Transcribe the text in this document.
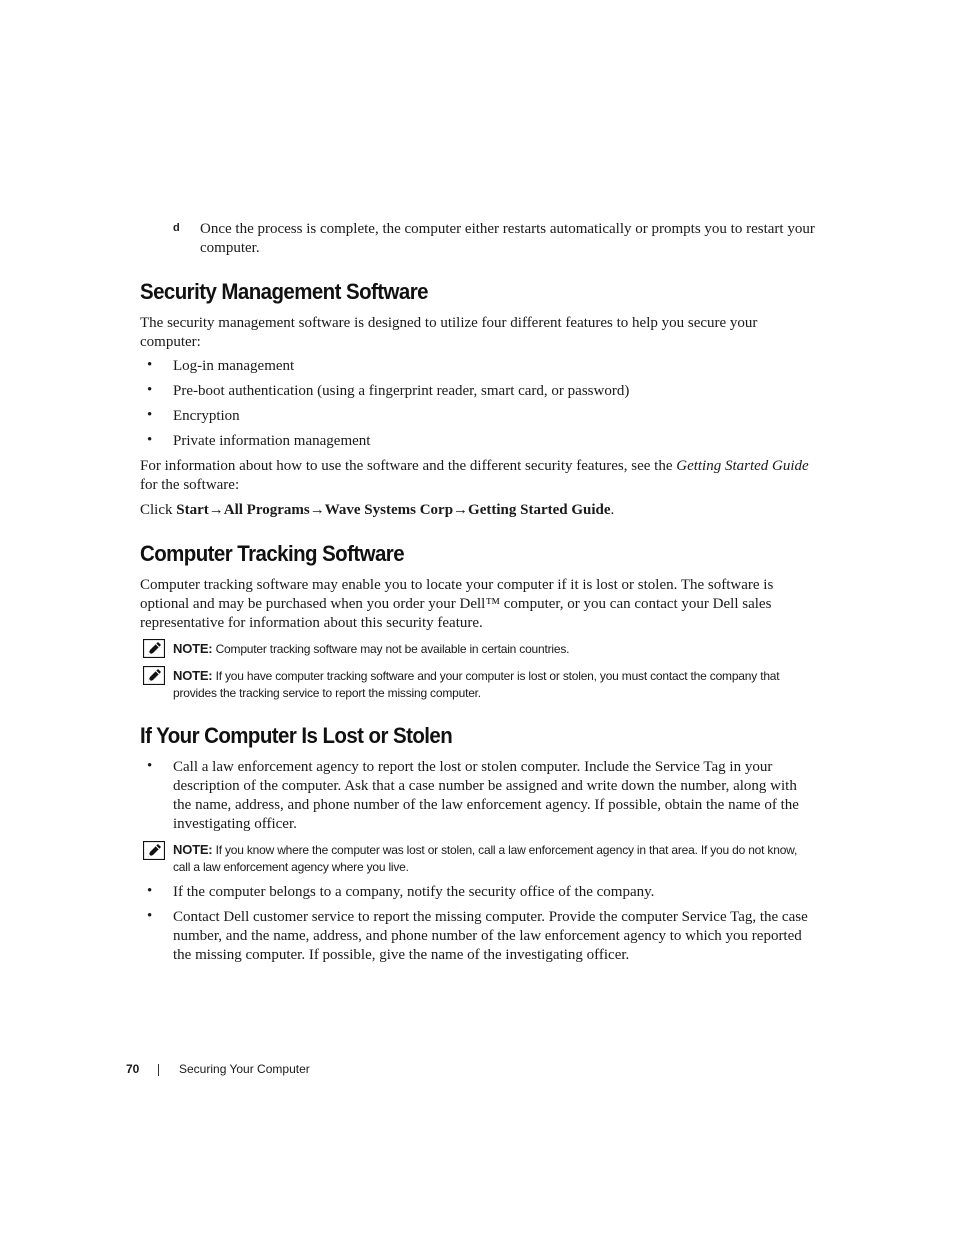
d Once the process is complete, the computer either restarts automatically or prompts you to restart your computer.
Security Management Software
The security management software is designed to utilize four different features to help you secure your computer:
• Log-in management
• Pre-boot authentication (using a fingerprint reader, smart card, or password)
• Encryption
• Private information management
For information about how to use the software and the different security features, see the Getting Started Guide for the software:
Click Start→All Programs→Wave Systems Corp→Getting Started Guide.
Computer Tracking Software
Computer tracking software may enable you to locate your computer if it is lost or stolen. The software is optional and may be purchased when you order your Dell™ computer, or you can contact your Dell sales representative for information about this security feature.
NOTE: Computer tracking software may not be available in certain countries.
NOTE: If you have computer tracking software and your computer is lost or stolen, you must contact the company that provides the tracking service to report the missing computer.
If Your Computer Is Lost or Stolen
• Call a law enforcement agency to report the lost or stolen computer. Include the Service Tag in your description of the computer. Ask that a case number be assigned and write down the number, along with the name, address, and phone number of the law enforcement agency. If possible, obtain the name of the investigating officer.
NOTE: If you know where the computer was lost or stolen, call a law enforcement agency in that area. If you do not know, call a law enforcement agency where you live.
• If the computer belongs to a company, notify the security office of the company.
• Contact Dell customer service to report the missing computer. Provide the computer Service Tag, the case number, and the name, address, and phone number of the law enforcement agency to which you reported the missing computer. If possible, give the name of the investigating officer.
70	Securing Your Computer
